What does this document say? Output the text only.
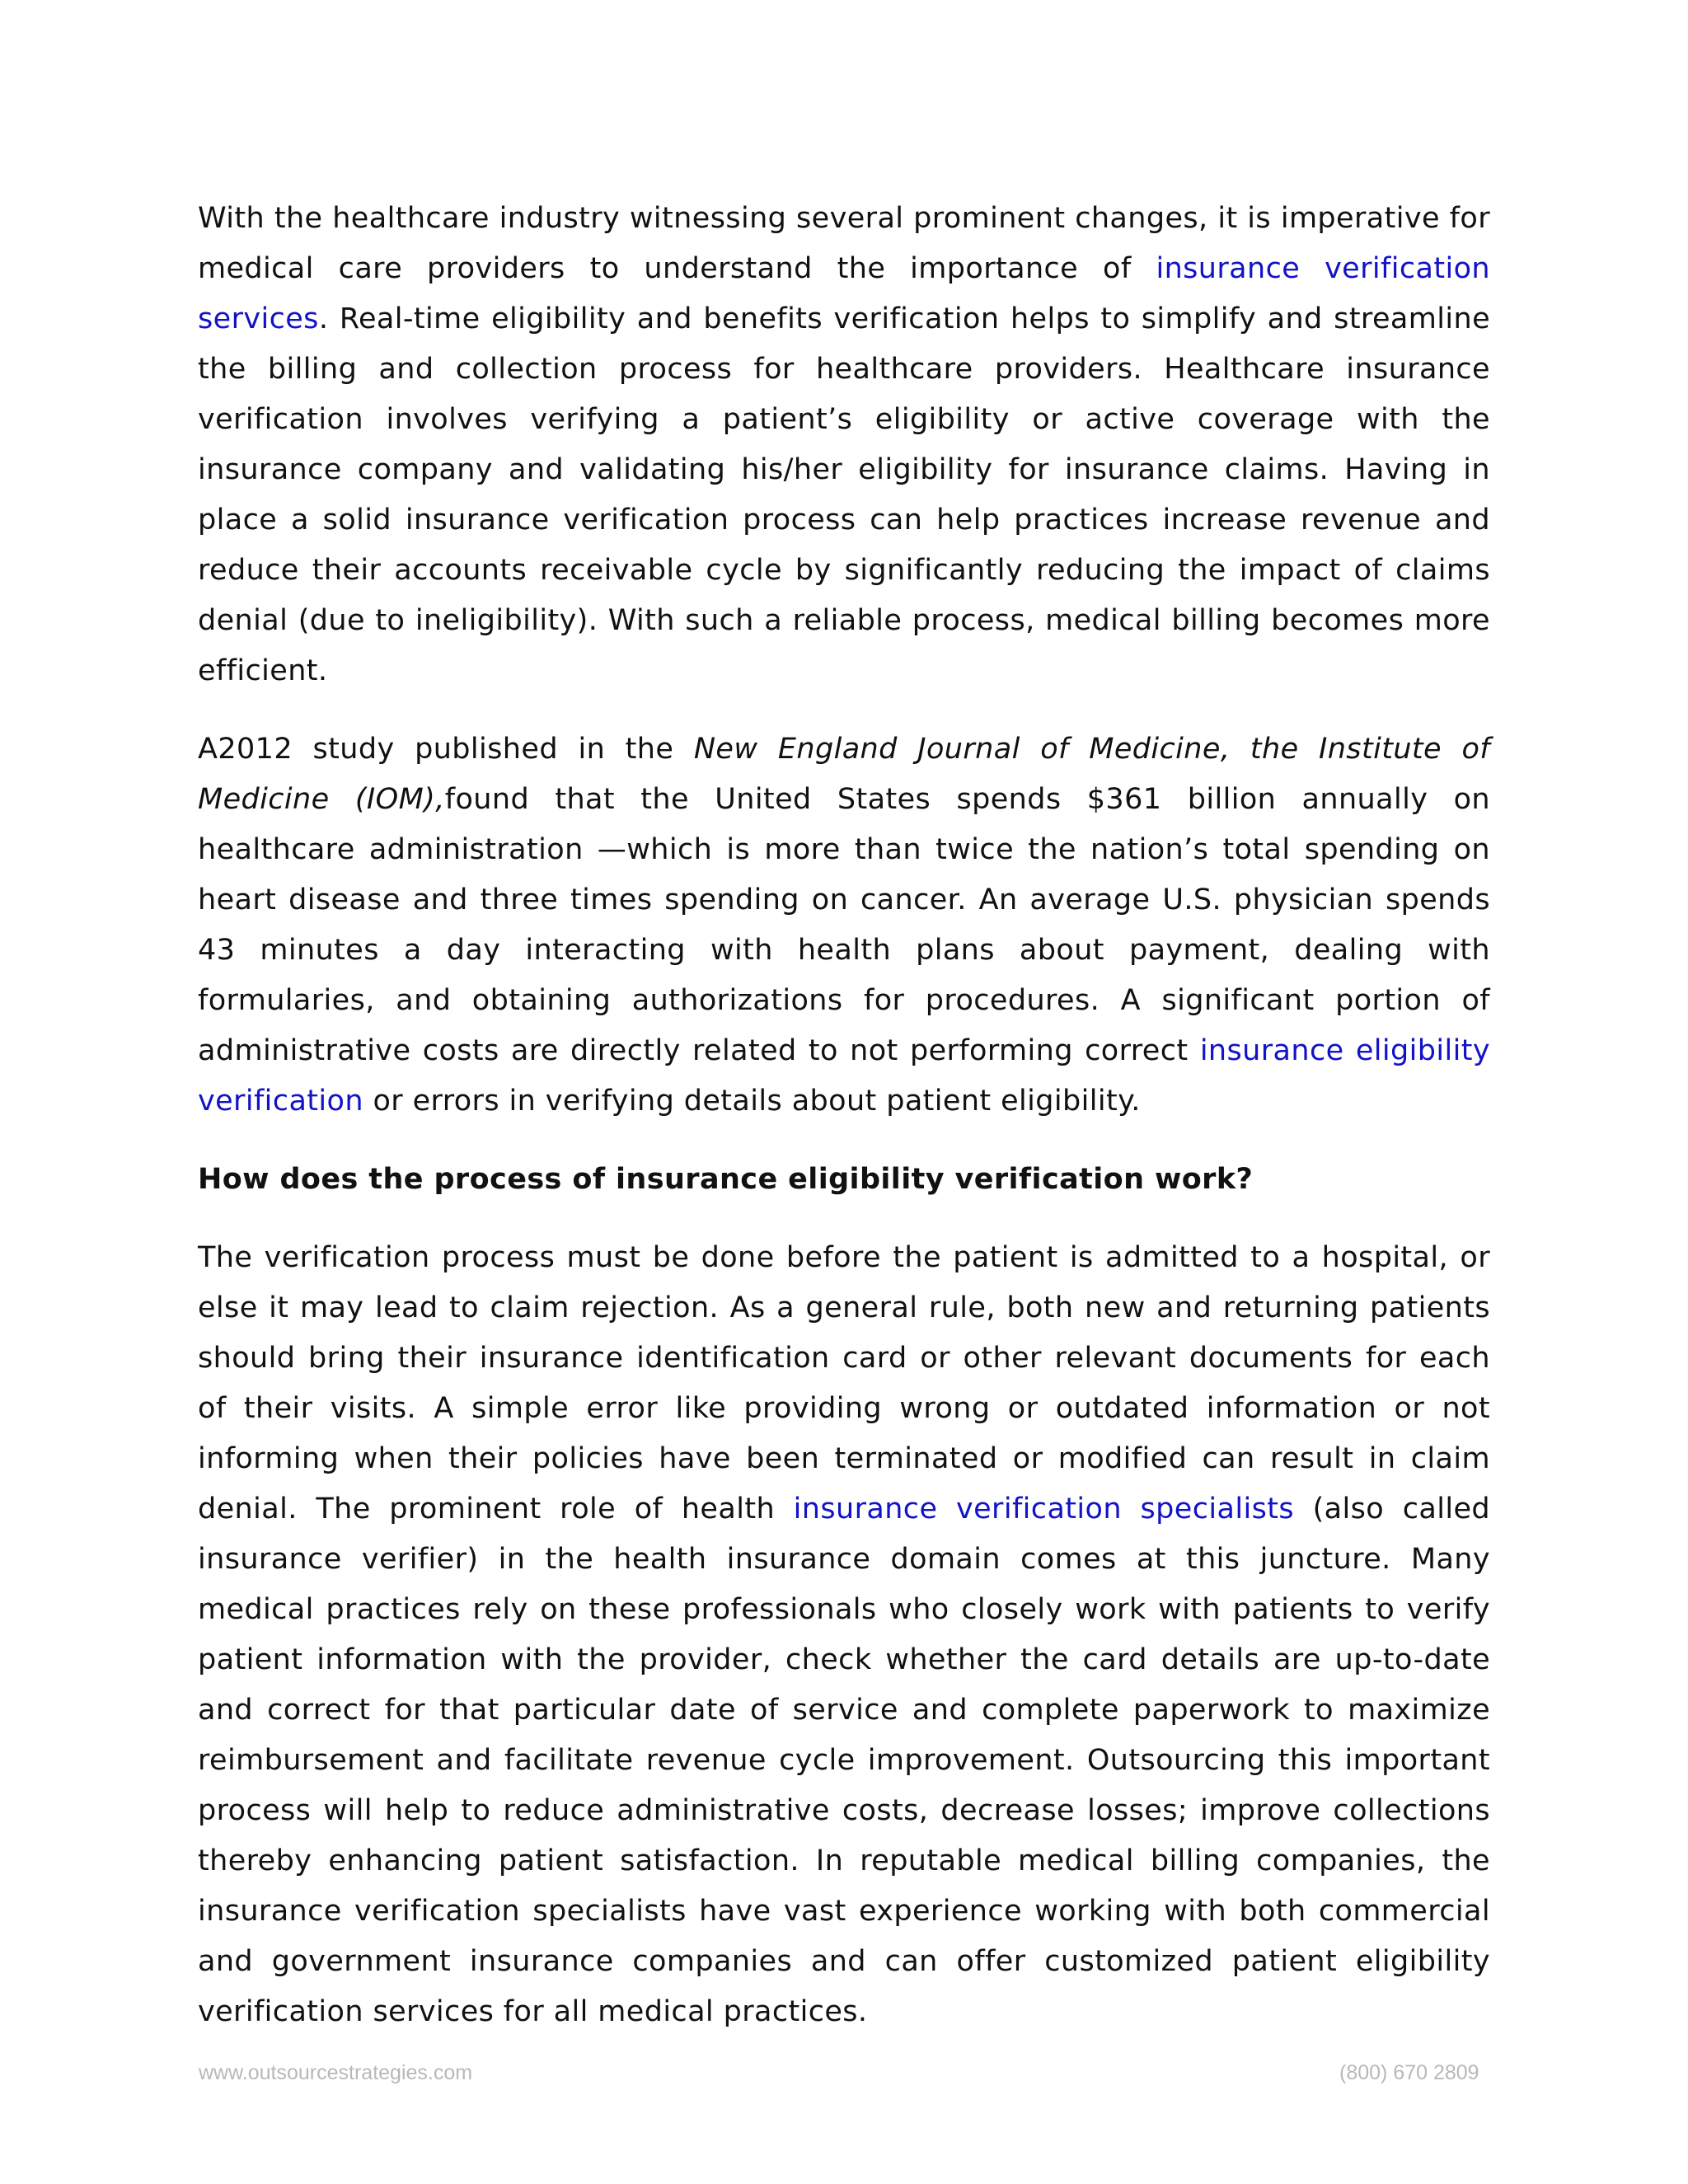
With the healthcare industry witnessing several prominent changes, it is imperative for medical care providers to understand the importance of insurance verification services. Real-time eligibility and benefits verification helps to simplify and streamline the billing and collection process for healthcare providers. Healthcare insurance verification involves verifying a patient’s eligibility or active coverage with the insurance company and validating his/her eligibility for insurance claims. Having in place a solid insurance verification process can help practices increase revenue and reduce their accounts receivable cycle by significantly reducing the impact of claims denial (due to ineligibility). With such a reliable process, medical billing becomes more efficient.

A2012 study published in the New England Journal of Medicine, the Institute of Medicine (IOM),found that the United States spends $361 billion annually on healthcare administration —which is more than twice the nation’s total spending on heart disease and three times spending on cancer. An average U.S. physician spends 43 minutes a day interacting with health plans about payment, dealing with formularies, and obtaining authorizations for procedures. A significant portion of administrative costs are directly related to not performing correct insurance eligibility verification or errors in verifying details about patient eligibility.

How does the process of insurance eligibility verification work?

The verification process must be done before the patient is admitted to a hospital, or else it may lead to claim rejection. As a general rule, both new and returning patients should bring their insurance identification card or other relevant documents for each of their visits. A simple error like providing wrong or outdated information or not informing when their policies have been terminated or modified can result in claim denial. The prominent role of health insurance verification specialists (also called insurance verifier) in the health insurance domain comes at this juncture. Many medical practices rely on these professionals who closely work with patients to verify patient information with the provider, check whether the card details are up-to-date and correct for that particular date of service and complete paperwork to maximize reimbursement and facilitate revenue cycle improvement. Outsourcing this important process will help to reduce administrative costs, decrease losses; improve collections thereby enhancing patient satisfaction. In reputable medical billing companies, the insurance verification specialists have vast experience working with both commercial and government insurance companies and can offer customized patient eligibility verification services for all medical practices.

www.outsourcestrategies.com	(800) 670 2809
